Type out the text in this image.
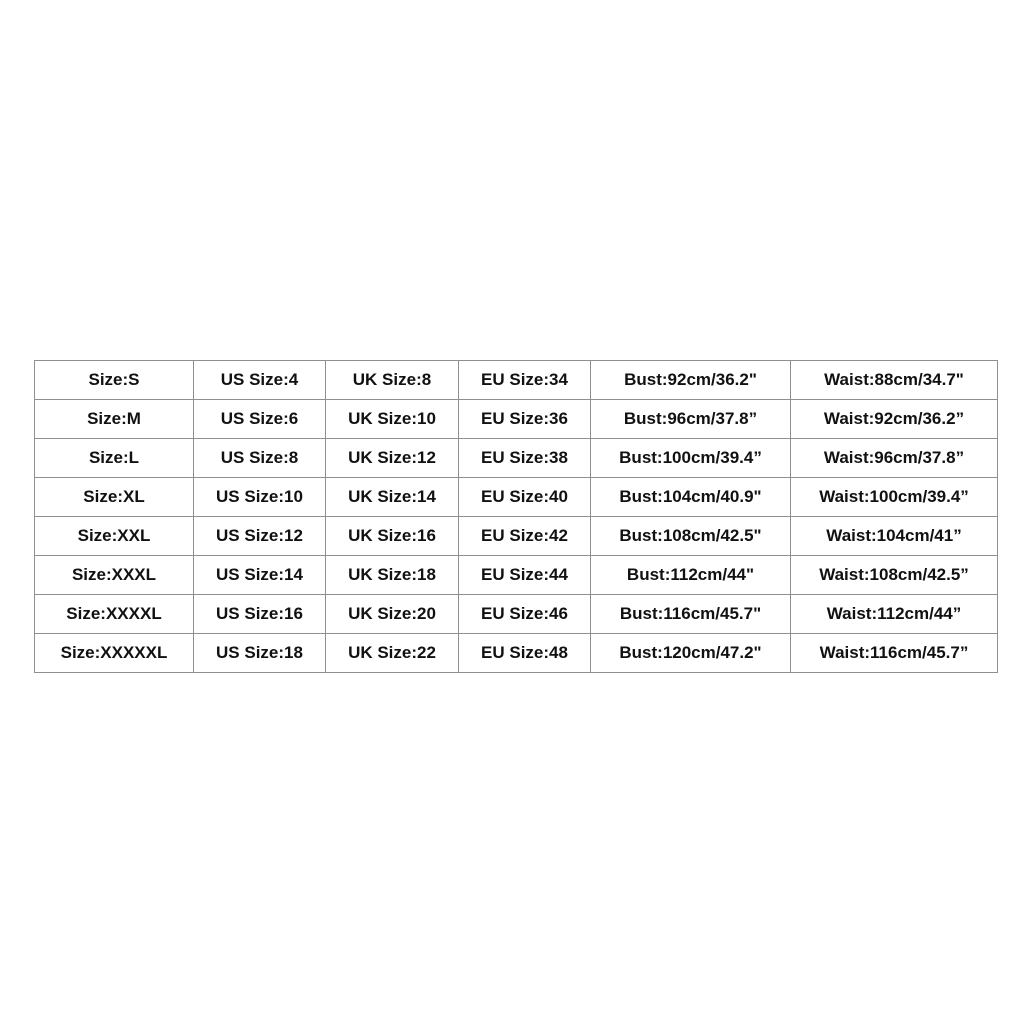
Size:S	US Size:4	UK Size:8	EU Size:34	Bust:92cm/36.2"	Waist:88cm/34.7"
Size:M	US Size:6	UK Size:10	EU Size:36	Bust:96cm/37.8”	Waist:92cm/36.2”
Size:L	US Size:8	UK Size:12	EU Size:38	Bust:100cm/39.4”	Waist:96cm/37.8”
Size:XL	US Size:10	UK Size:14	EU Size:40	Bust:104cm/40.9"	Waist:100cm/39.4”
Size:XXL	US Size:12	UK Size:16	EU Size:42	Bust:108cm/42.5"	Waist:104cm/41”
Size:XXXL	US Size:14	UK Size:18	EU Size:44	Bust:112cm/44"	Waist:108cm/42.5”
Size:XXXXL	US Size:16	UK Size:20	EU Size:46	Bust:116cm/45.7"	Waist:112cm/44”
Size:XXXXXL	US Size:18	UK Size:22	EU Size:48	Bust:120cm/47.2"	Waist:116cm/45.7”
